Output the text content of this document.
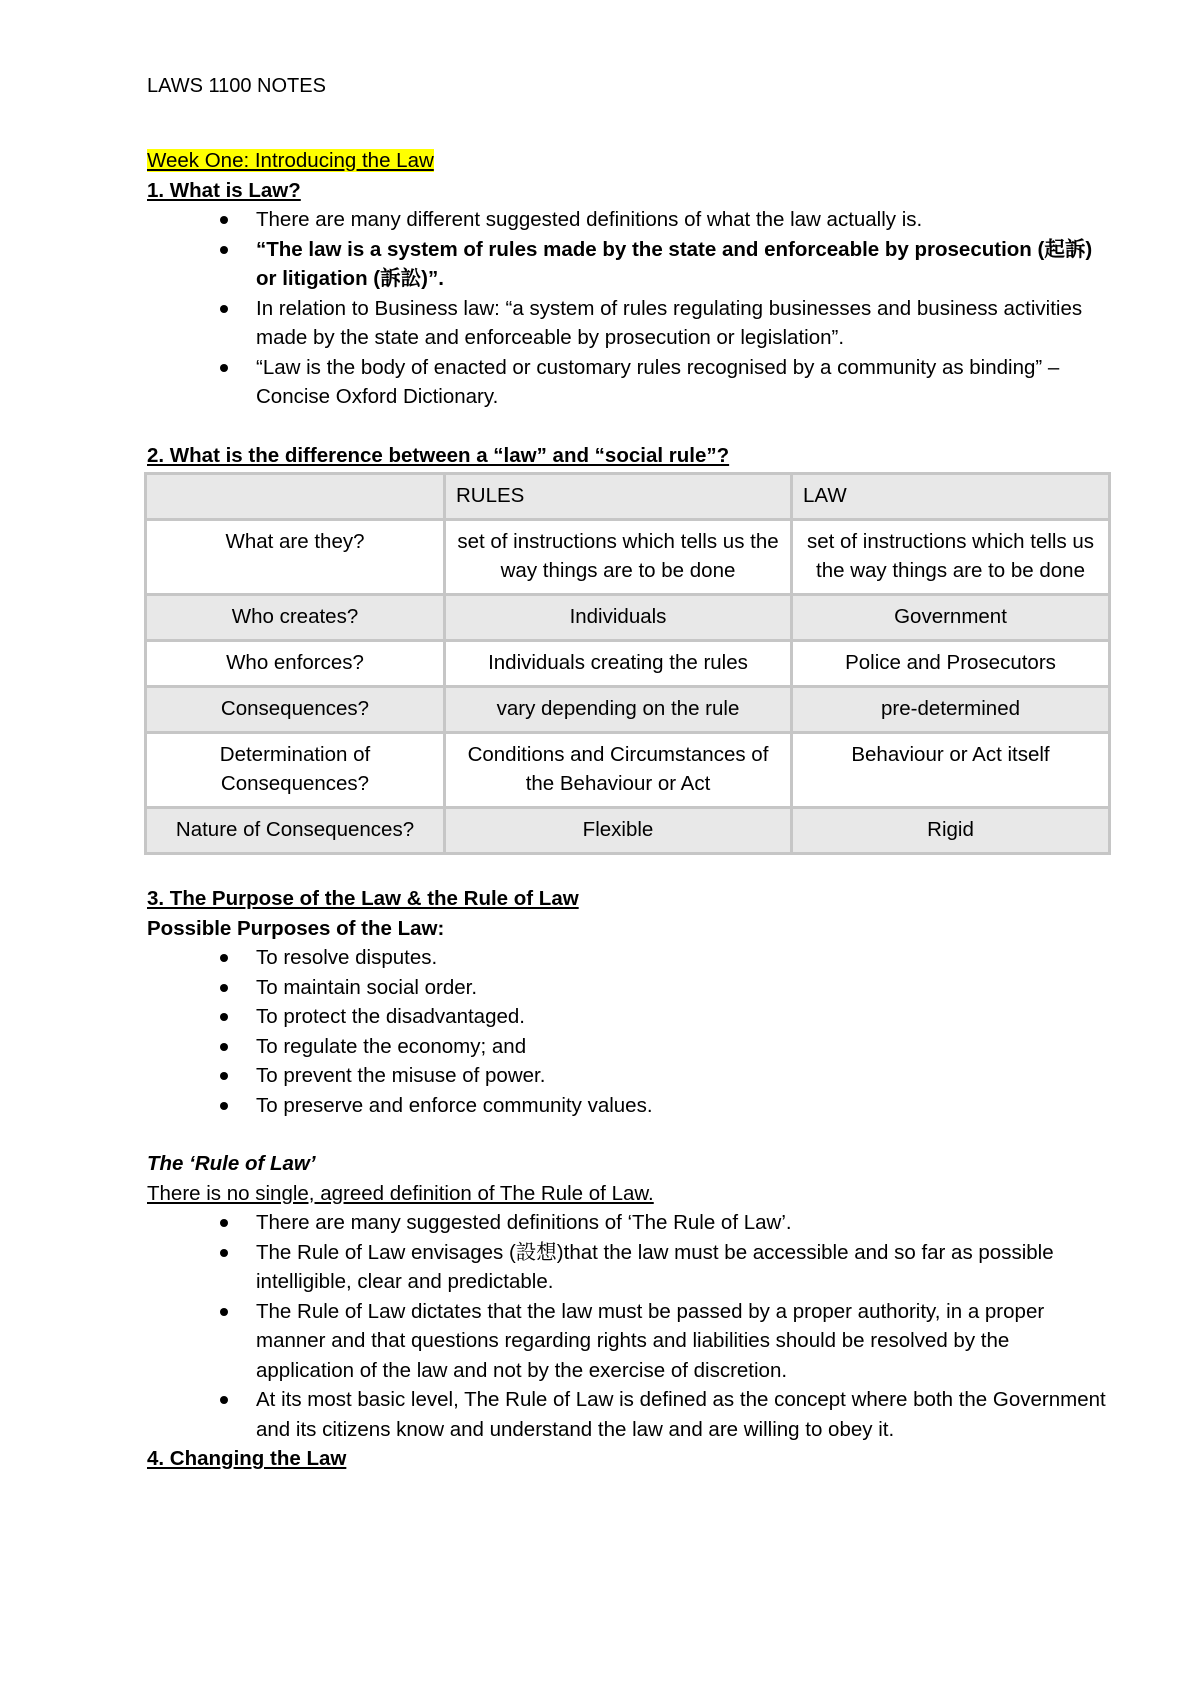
LAWS 1100 NOTES

Week One: Introducing the Law

1. What is Law?

There are many different suggested definitions of what the law actually is.
“The law is a system of rules made by the state and enforceable by prosecution (起訴) or litigation (訴訟)”.
In relation to Business law: “a system of rules regulating businesses and business activities made by the state and enforceable by prosecution or legislation”.
“Law is the body of enacted or customary rules recognised by a community as binding” – Concise Oxford Dictionary.

2. What is the difference between a “law” and “social rule”?

	RULES	LAW
What are they?	set of instructions which tells us the way things are to be done	set of instructions which tells us the way things are to be done
Who creates?	Individuals	Government
Who enforces?	Individuals creating the rules	Police and Prosecutors
Consequences?	vary depending on the rule	pre-determined
Determination of Consequences?	Conditions and Circumstances of the Behaviour or Act	Behaviour or Act itself
Nature of Consequences?	Flexible	Rigid

3. The Purpose of the Law & the Rule of Law

Possible Purposes of the Law:

To resolve disputes.
To maintain social order.
To protect the disadvantaged.
To regulate the economy; and
To prevent the misuse of power.
To preserve and enforce community values.

The ‘Rule of Law’

There is no single, agreed definition of The Rule of Law.

There are many suggested definitions of ‘The Rule of Law’.
The Rule of Law envisages (設想)that the law must be accessible and so far as possible intelligible, clear and predictable.
The Rule of Law dictates that the law must be passed by a proper authority, in a proper manner and that questions regarding rights and liabilities should be resolved by the application of the law and not by the exercise of discretion.
At its most basic level, The Rule of Law is defined as the concept where both the Government and its citizens know and understand the law and are willing to obey it.

4. Changing the Law
